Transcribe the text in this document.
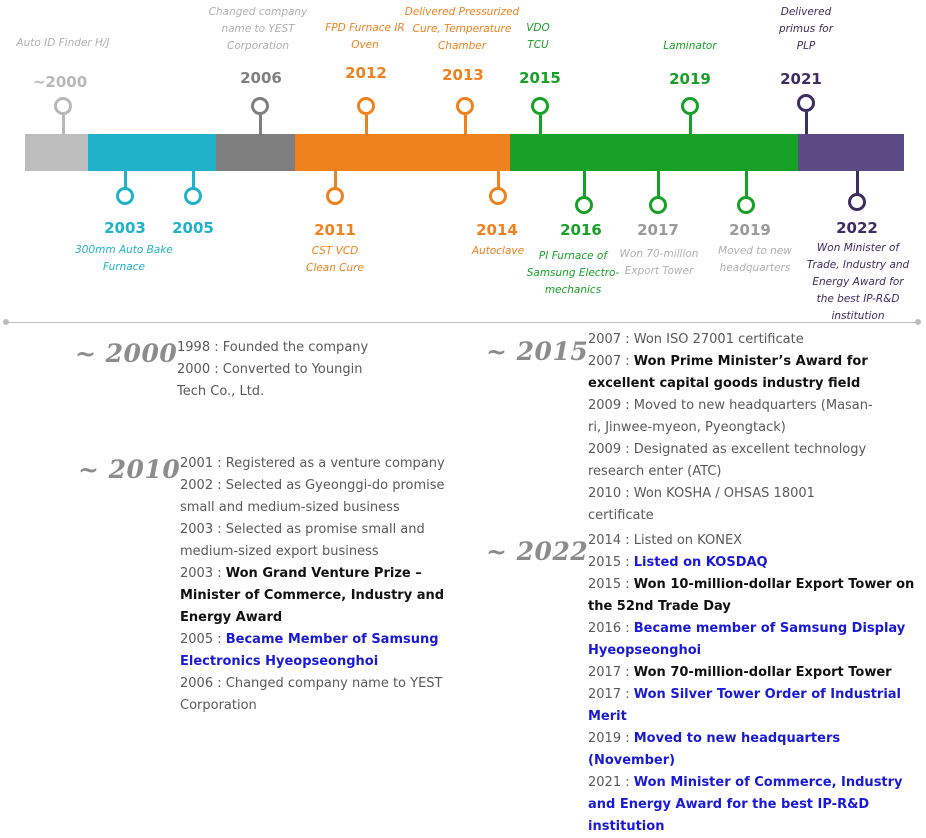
Auto ID Finder H/J
~2000
Changed company name to YEST Corporation
2006
FPD Furnace IR Oven
2012
Delivered Pressurized Cure, Temperature Chamber
2013
VDO TCU
2015
Laminator
2019
Delivered primus for PLP
2021
2003
300mm Auto Bake Furnace
2005	2011
CST VCD Clean Cure
2014
Autoclave
2016
PI Furnace of Samsung Electro-mechanics
2017
Won 70-million Export Tower
2019
Moved to new headquarters
2022
Won Minister of Trade, Industry and Energy Award for the best IP-R&D institution
~ 2000 1998 : Founded the company

2000 : Converted to Youngin Tech Co., Ltd.

~ 2010 2001 : Registered as a venture company

2002 : Selected as Gyeonggi-do promise small and medium-sized business

2003 : Selected as promise small and medium-sized export business

2003 : Won Grand Venture Prize – Minister of Commerce, Industry and Energy Award

2005 : Became Member of Samsung Electronics Hyeopseonghoi

2006 : Changed company name to YEST Corporation

~ 2015 2007 : Won ISO 27001 certificate

2007 : Won Prime Minister’s Award for excellent capital goods industry field

2009 : Moved to new headquarters (Masan-ri, Jinwee-myeon, Pyeongtack)

2009 : Designated as excellent technology research enter (ATC)

2010 : Won KOSHA / OHSAS 18001 certificate

~ 2022 2014 : Listed on KONEX

2015 : Listed on KOSDAQ

2015 : Won 10-million-dollar Export Tower on the 52nd Trade Day

2016 : Became member of Samsung Display Hyeopseonghoi

2017 : Won 70-million-dollar Export Tower

2017 : Won Silver Tower Order of Industrial Merit

2019 : Moved to new headquarters (November)

2021 : Won Minister of Commerce, Industry and Energy Award for the best IP-R&D institution
